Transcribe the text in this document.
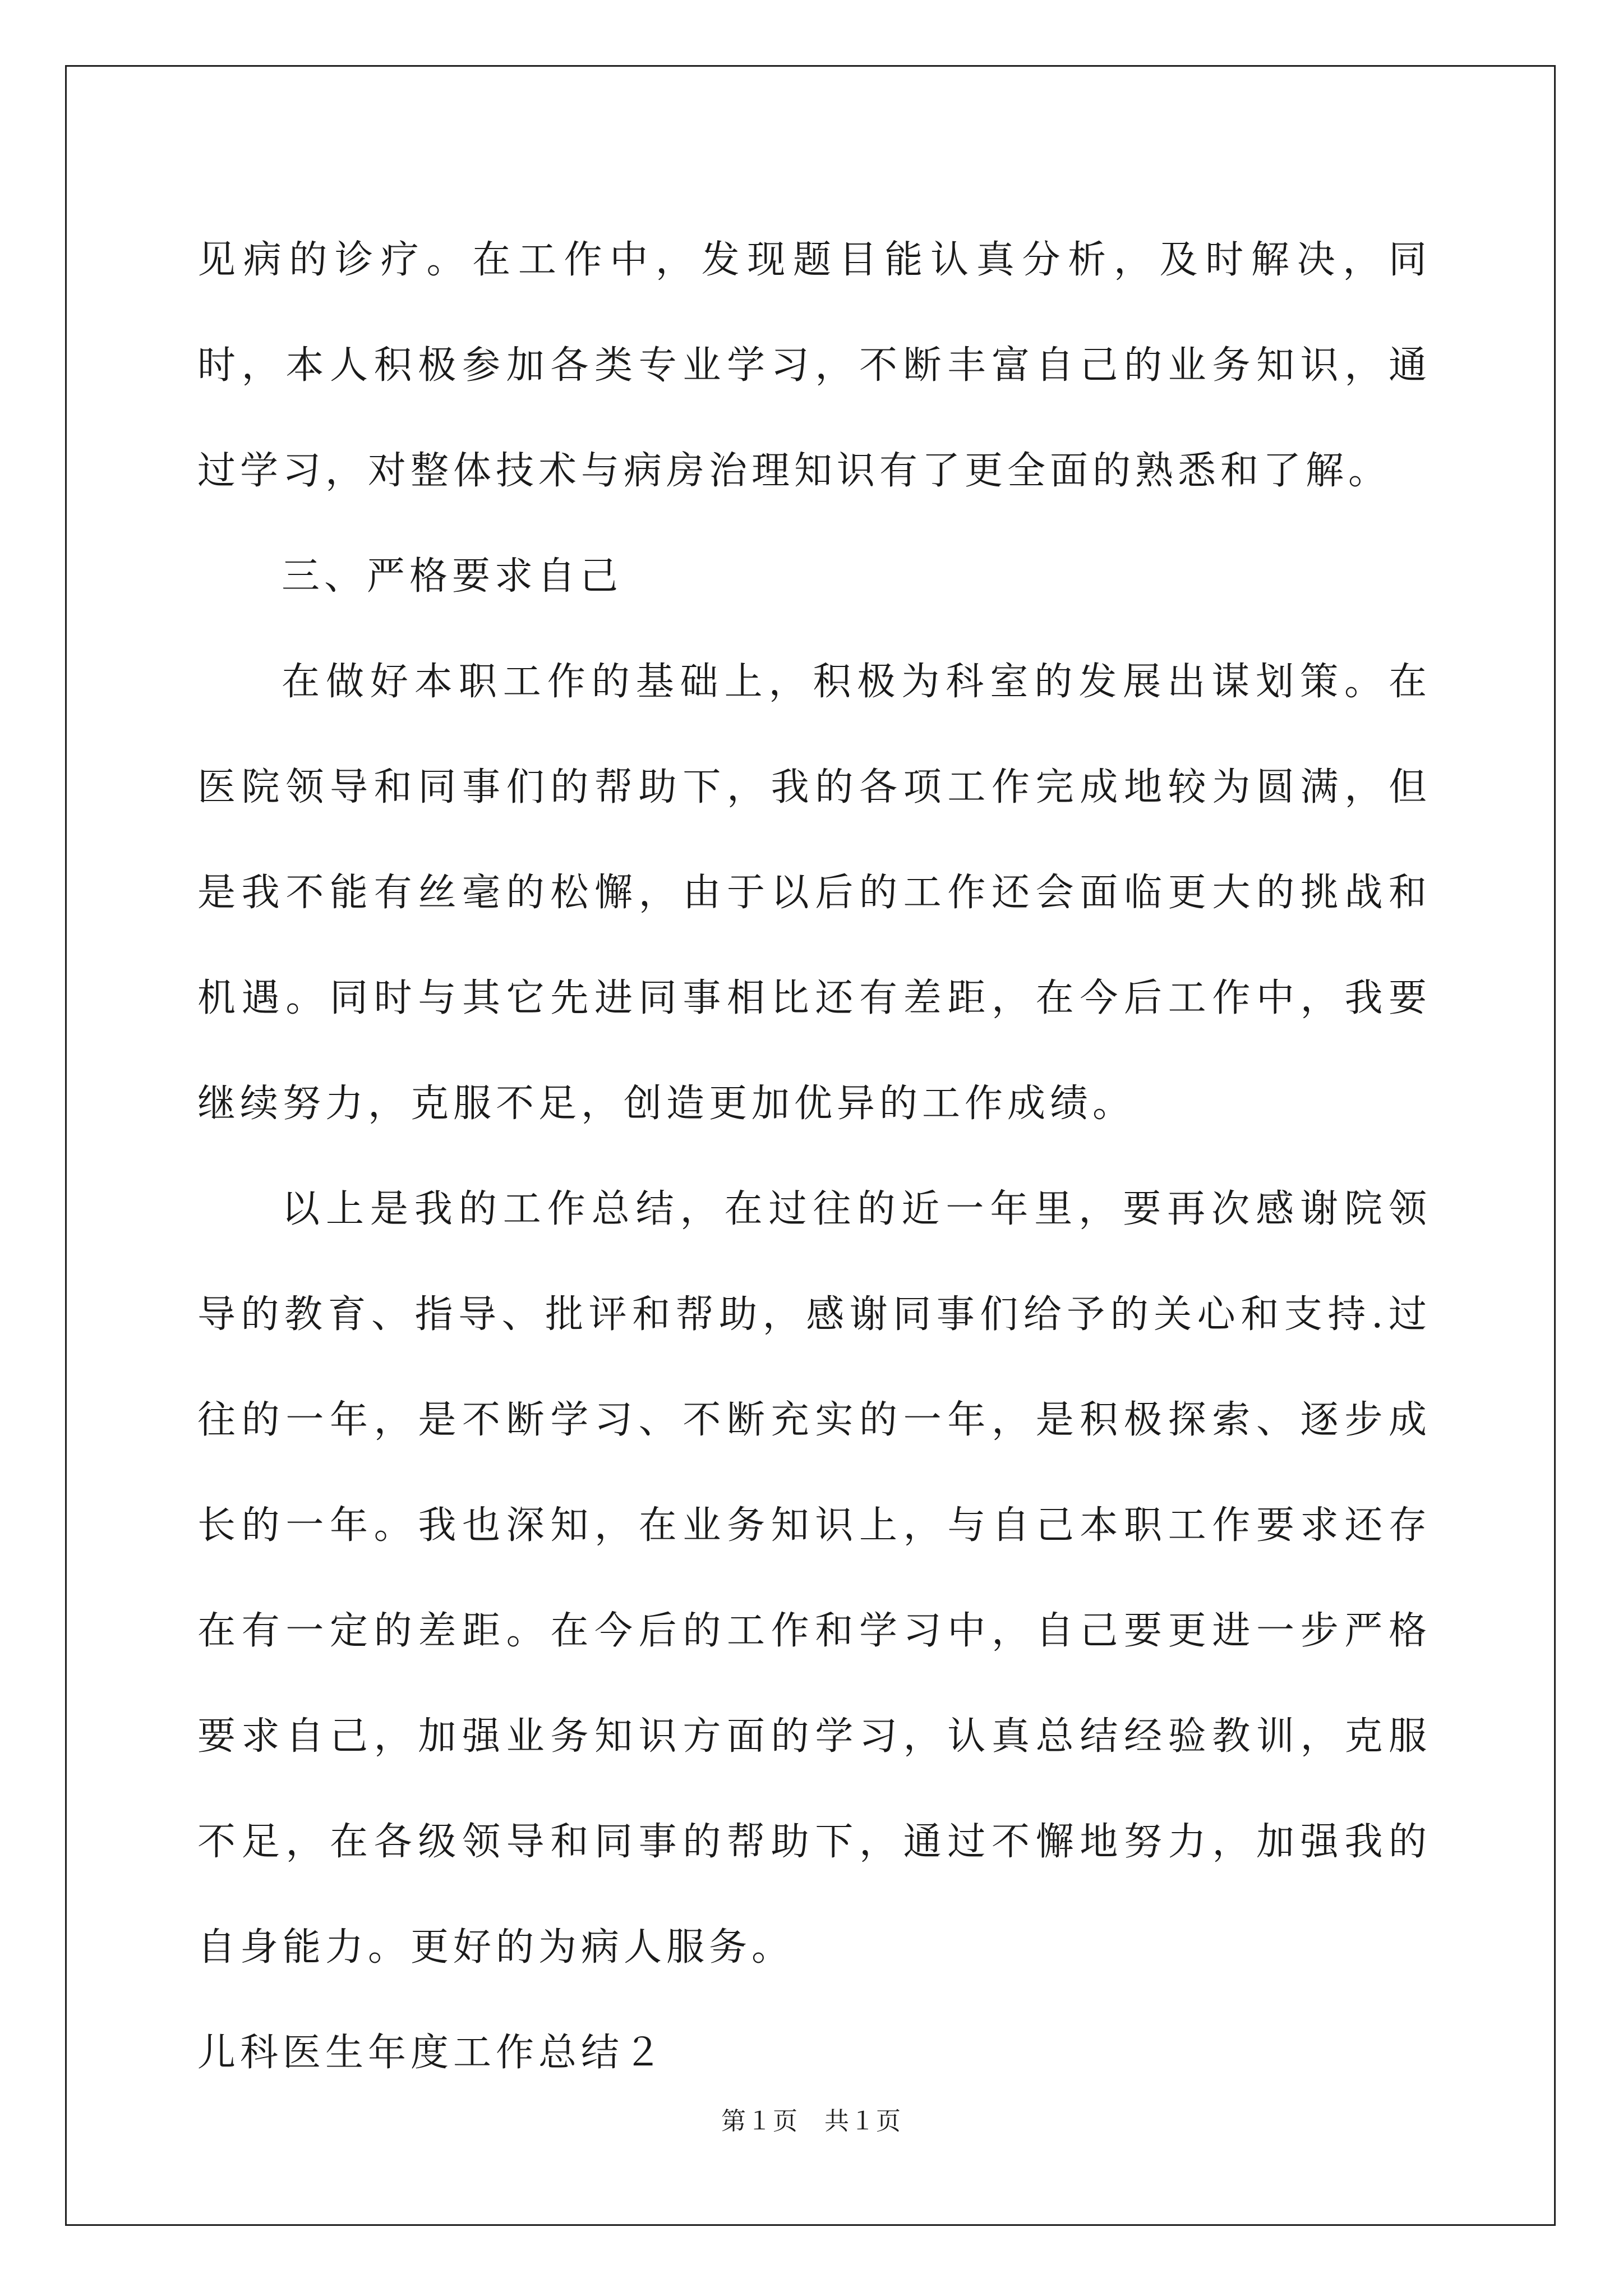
见病的诊疗。在工作中，发现题目能认真分析，及时解决，同时，本人积极参加各类专业学习，不断丰富自己的业务知识，通过学习，对整体技术与病房治理知识有了更全面的熟悉和了解。

三、严格要求自己

在做好本职工作的基础上，积极为科室的发展出谋划策。在医院领导和同事们的帮助下，我的各项工作完成地较为圆满，但是我不能有丝毫的松懈，由于以后的工作还会面临更大的挑战和机遇。同时与其它先进同事相比还有差距，在今后工作中，我要继续努力，克服不足，创造更加优异的工作成绩。

以上是我的工作总结，在过往的近一年里，要再次感谢院领导的教育、指导、批评和帮助，感谢同事们给予的关心和支持.过往的一年，是不断学习、不断充实的一年，是积极探索、逐步成长的一年。我也深知，在业务知识上，与自己本职工作要求还存在有一定的差距。在今后的工作和学习中，自己要更进一步严格要求自己，加强业务知识方面的学习，认真总结经验教训，克服不足，在各级领导和同事的帮助下，通过不懈地努力，加强我的自身能力。更好的为病人服务。

儿科医生年度工作总结２

第１页　共１页
